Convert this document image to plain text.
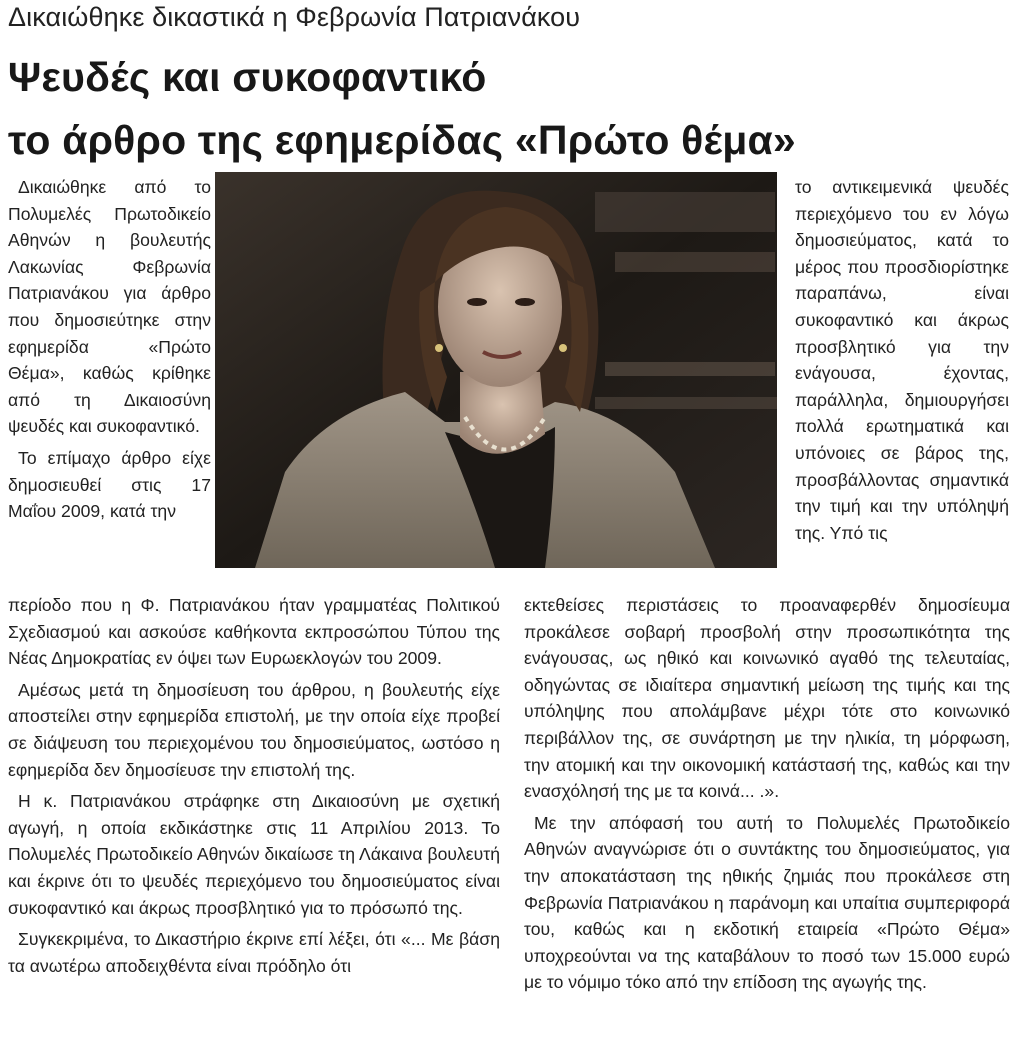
Δικαιώθηκε δικαστικά η Φεβρωνία Πατριανάκου
Ψευδές και συκοφαντικό
το άρθρο της εφημερίδας «Πρώτο θέμα»

Δικαιώθηκε από το Πολυμελές Πρωτοδικείο Αθηνών η βουλευτής Λακωνίας Φεβρωνία Πατριανάκου για άρθρο που δημοσιεύτηκε στην εφημερίδα «Πρώτο Θέμα», καθώς κρίθηκε από τη Δικαιοσύνη ψευδές και συκοφαντικό.

Το επίμαχο άρθρο είχε δημοσιευθεί στις 17 Μαΐου 2009, κατά την

το αντικειμενικά ψευδές περιεχόμενο του εν λόγω δημοσιεύματος, κατά το μέρος που προσδιορίστηκε παραπάνω, είναι συκοφαντικό και άκρως προσβλητικό για την ενάγουσα, έχοντας, παράλληλα, δημιουργήσει πολλά ερωτηματικά και υπόνοιες σε βάρος της, προσβάλλοντας σημαντικά την τιμή και την υπόληψή της. Υπό τις

περίοδο που η Φ. Πατριανάκου ήταν γραμματέας Πολιτικού Σχεδιασμού και ασκούσε καθήκοντα εκπροσώπου Τύπου της Νέας Δημοκρατίας εν όψει των Ευρωεκλογών του 2009.

Αμέσως μετά τη δημοσίευση του άρθρου, η βουλευτής είχε αποστείλει στην εφημερίδα επιστολή, με την οποία είχε προβεί σε διάψευση του περιεχομένου του δημοσιεύματος, ωστόσο η εφημερίδα δεν δημοσίευσε την επιστολή της.

Η κ. Πατριανάκου στράφηκε στη Δικαιοσύνη με σχετική αγωγή, η οποία εκδικάστηκε στις 11 Απριλίου 2013. Το Πολυμελές Πρωτοδικείο Αθηνών δικαίωσε τη Λάκαινα βουλευτή και έκρινε ότι το ψευδές περιεχόμενο του δημοσιεύματος είναι συκοφαντικό και άκρως προσβλητικό για το πρόσωπό της.

Συγκεκριμένα, το Δικαστήριο έκρινε επί λέξει, ότι «... Με βάση τα ανωτέρω αποδειχθέντα είναι πρόδηλο ότι

εκτεθείσες περιστάσεις το προαναφερθέν δημοσίευμα προκάλεσε σοβαρή προσβολή στην προσωπικότητα της ενάγουσας, ως ηθικό και κοινωνικό αγαθό της τελευταίας, οδηγώντας σε ιδιαίτερα σημαντική μείωση της τιμής και της υπόληψης που απολάμβανε μέχρι τότε στο κοινωνικό περιβάλλον της, σε συνάρτηση με την ηλικία, τη μόρφωση, την ατομική και την οικονομική κατάστασή της, καθώς και την ενασχόλησή της με τα κοινά... .».

Με την απόφασή του αυτή το Πολυμελές Πρωτοδικείο Αθηνών αναγνώρισε ότι ο συντάκτης του δημοσιεύματος, για την αποκατάσταση της ηθικής ζημιάς που προκάλεσε στη Φεβρωνία Πατριανάκου η παράνομη και υπαίτια συμπεριφορά του, καθώς και η εκδοτική εταιρεία «Πρώτο Θέμα» υποχρεούνται να της καταβάλουν το ποσό των 15.000 ευρώ με το νόμιμο τόκο από την επίδοση της αγωγής της.
